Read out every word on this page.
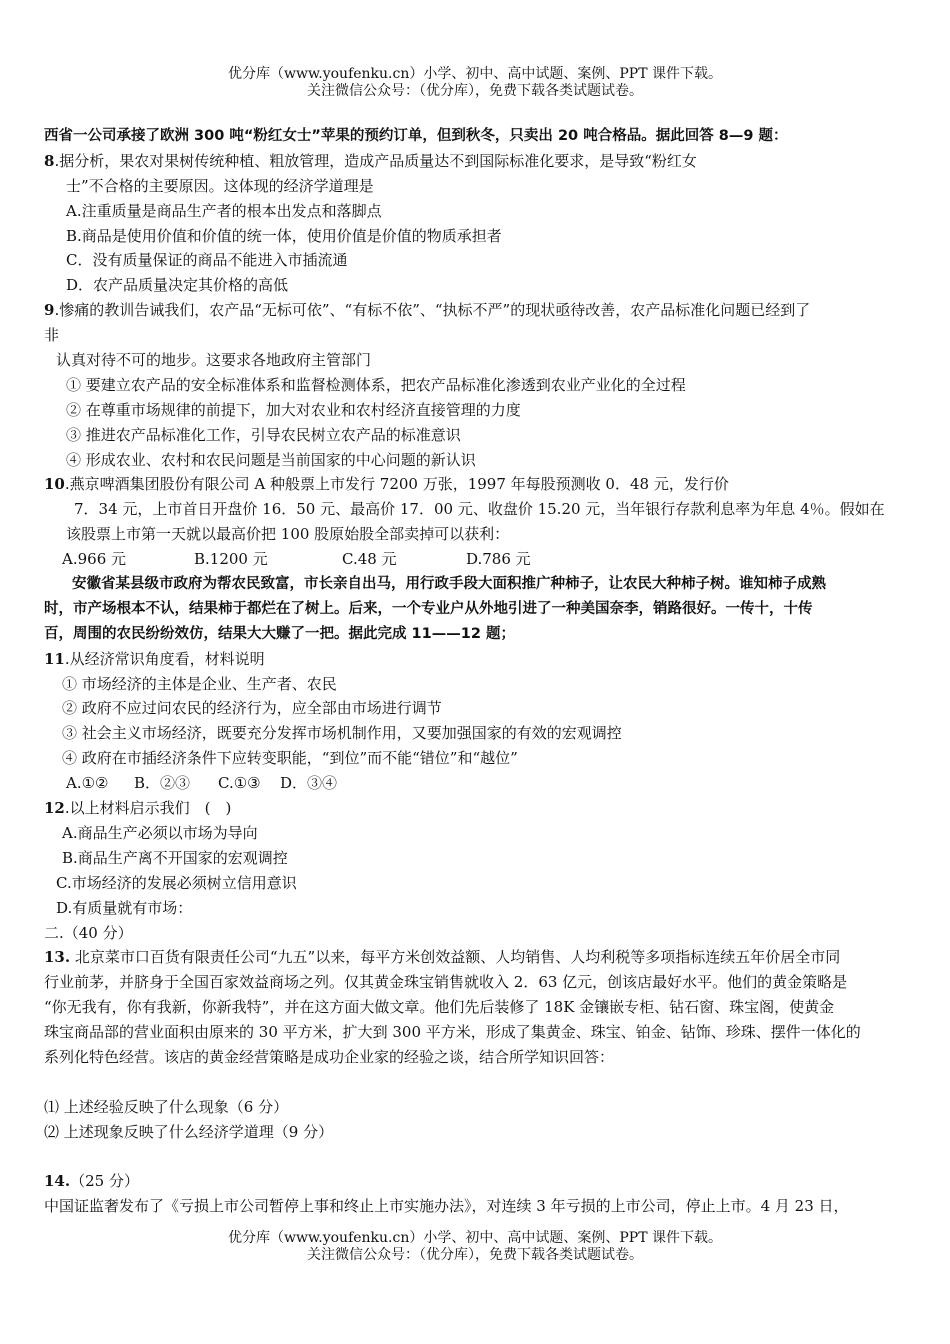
优分库（www.youfenku.cn）小学、初中、高中试题、案例、PPT 课件下载。
关注微信公众号：（优分库），免费下载各类试题试卷。
西省一公司承接了欧洲 300 吨“粉红女士”苹果的预约订单，但到秋冬，只卖出 20 吨合格品。据此回答 8—9 题：
8.据分析，果农对果树传统种植、粗放管理，造成产品质量达不到国际标准化要求，是导致“粉红女
士”不合格的主要原因。这体现的经济学道理是
A.注重质量是商品生产者的根本出发点和落脚点
B.商品是使用价值和价值的统一体，使用价值是价值的物质承担者
C．没有质量保证的商品不能进入市插流通
D．农产品质量决定其价格的高低
9.惨痛的教训告诫我们，农产品“无标可依”、“有标不依”、“执标不严”的现状亟待改善，农产品标准化问题已经到了
非
认真对待不可的地步。这要求各地政府主管部门
① 要建立农产品的安全标准体系和监督检测体系，把农产品标准化渗透到农业产业化的全过程
② 在尊重市场规律的前提下，加大对农业和农村经济直接管理的力度
③ 推进农产品标准化工作，引导农民树立农产品的标准意识
④ 形成农业、农村和农民问题是当前国家的中心问题的新认识
10.燕京啤酒集团股份有限公司 A 种般票上市发行 7200 万张，1997 年每股预测收 0．48 元，发行价
7．34 元，上市首日开盘价 16．50 元、最高价 17．00 元、收盘价 15.20 元，当年银行存款利息率为年息 4％。假如在
该股票上市第一天就以最高价把 100 股原始股全部卖掉可以获利：
A.966 元	B.1200 元	C.48 元	D.786 元
安徽省某县级市政府为帮农民致富，市长亲自出马，用行政手段大面积推广种柿子，让农民大种柿子树。谁知柿子成熟
时，市产场根本不认，结果柿于都烂在了树上。后来，一个专业户从外地引进了一种美国奈李，销路很好。一传十，十传
百，周围的农民纷纷效仿，结果大大赚了一把。据此完成 11——12 题；
11.从经济常识角度看，材料说明
① 市场经济的主体是企业、生产者、农民
② 政府不应过问农民的经济行为，应全部由市场进行调节
③ 社会主义市场经济，既要充分发挥市场机制作用，又要加强国家的有效的宏观调控
④ 政府在市插经济条件下应转变职能，“到位”而不能“错位”和“越位”
A.①② B．②③ C.①③ D．③④
12.以上材料启示我们　(　)
A.商品生产必须以市场为导向
B.商品生产离不开国家的宏观调控
C.市场经济的发展必须树立信用意识
D.有质量就有市场：
二.（40 分）
13. 北京菜市口百货有限责任公司“九五”以来，每平方米创效益额、人均销售、人均利税等多项指标连续五年价居全市同
行业前茅，并脐身于全国百家效益商场之列。仅其黄金珠宝销售就收入 2．63 亿元，创该店最好水平。他们的黄金策略是
“你无我有，你有我新，你新我特”，并在这方面大做文章。他们先后装修了 18K 金镶嵌专柜、钻石窗、珠宝阁，使黄金
珠宝商品部的营业面积由原来的 30 平方米，扩大到 300 平方米，形成了集黄金、珠宝、铂金、钻饰、珍珠、摆件一体化的
系列化特色经营。该店的黄金经营策略是成功企业家的经验之谈，结合所学知识回答：
⑴ 上述经验反映了什么现象（6 分）
⑵ 上述现象反映了什么经济学道理（9 分）
14.（25 分）
中国证监奢发布了《亏损上市公司暂停上事和终止上市实施办法》，对连续 3 年亏损的上市公司，停止上市。4 月 23 日，
优分库（www.youfenku.cn）小学、初中、高中试题、案例、PPT 课件下载。
关注微信公众号：（优分库），免费下载各类试题试卷。
